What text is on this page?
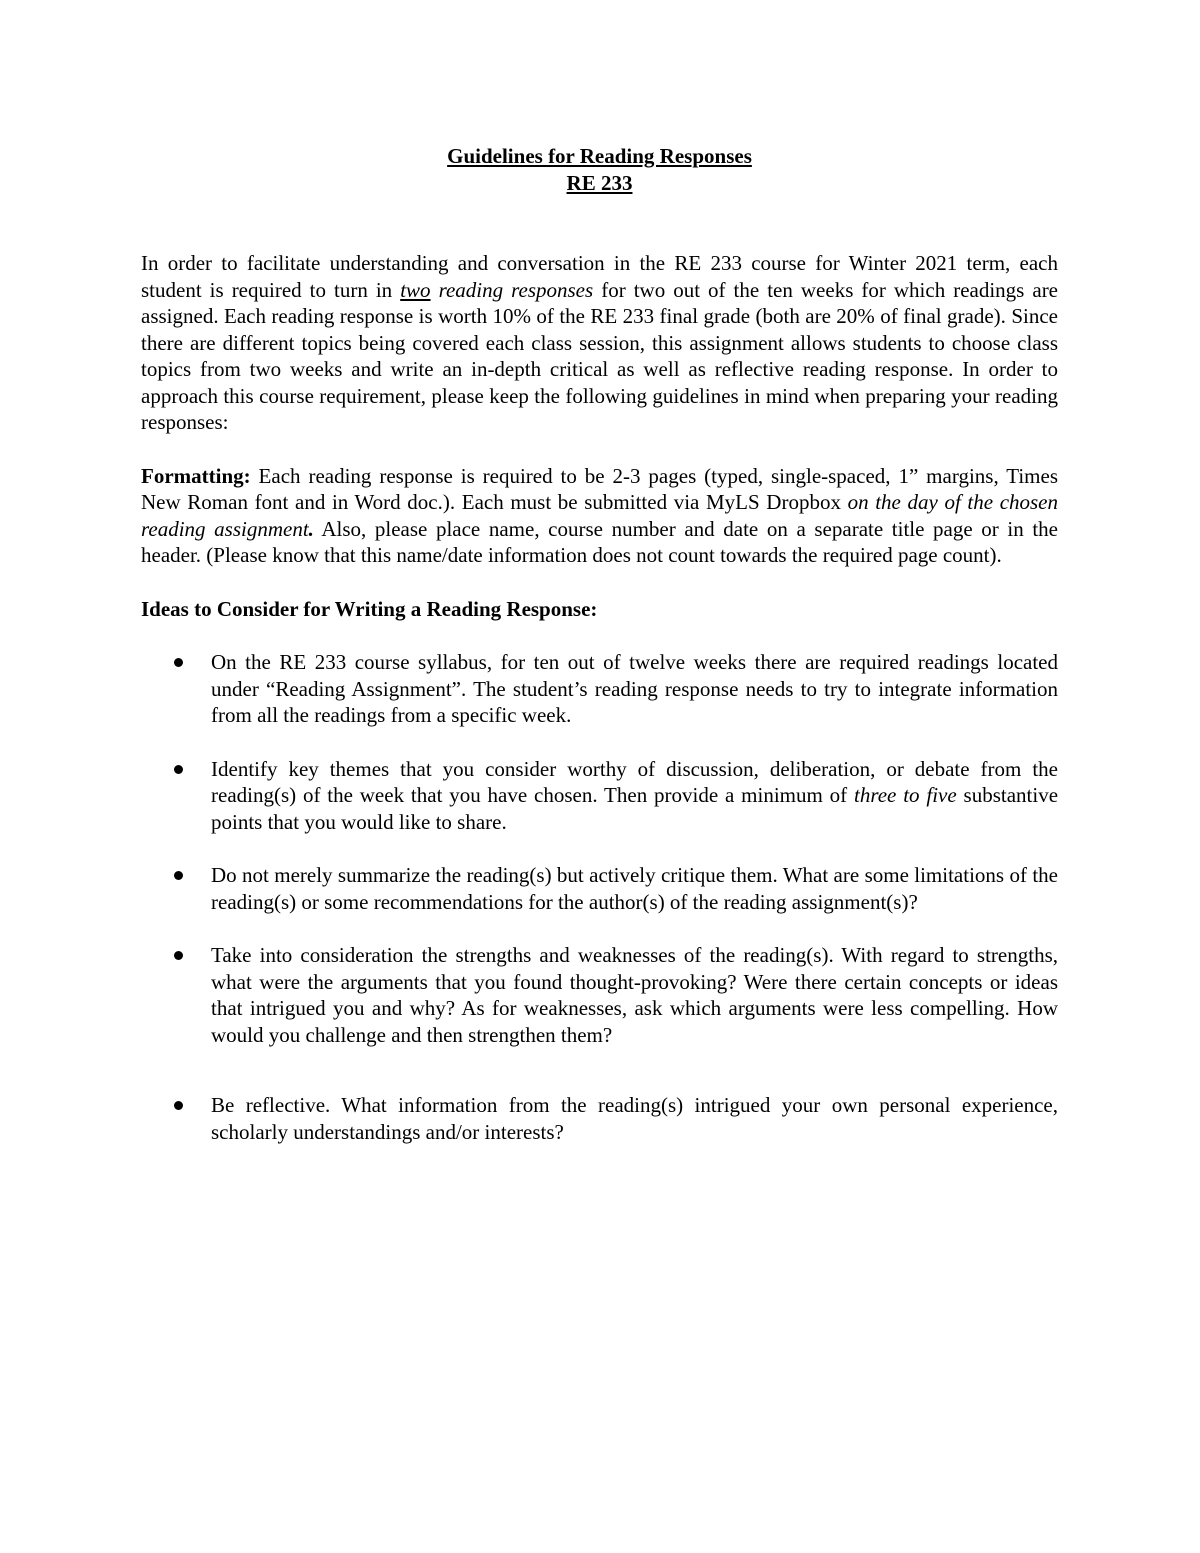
Guidelines for Reading Responses
RE 233

In order to facilitate understanding and conversation in the RE 233 course for Winter 2021 term, each student is required to turn in two reading responses for two out of the ten weeks for which readings are assigned. Each reading response is worth 10% of the RE 233 final grade (both are 20% of final grade). Since there are different topics being covered each class session, this assignment allows students to choose class topics from two weeks and write an in-depth critical as well as reflective reading response. In order to approach this course requirement, please keep the following guidelines in mind when preparing your reading responses:

Formatting: Each reading response is required to be 2-3 pages (typed, single-spaced, 1” margins, Times New Roman font and in Word doc.). Each must be submitted via MyLS Dropbox on the day of the chosen reading assignment. Also, please place name, course number and date on a separate title page or in the header. (Please know that this name/date information does not count towards the required page count).

Ideas to Consider for Writing a Reading Response:

On the RE 233 course syllabus, for ten out of twelve weeks there are required readings located under “Reading Assignment”. The student’s reading response needs to try to integrate information from all the readings from a specific week.
Identify key themes that you consider worthy of discussion, deliberation, or debate from the reading(s) of the week that you have chosen. Then provide a minimum of three to five substantive points that you would like to share.
Do not merely summarize the reading(s) but actively critique them. What are some limitations of the reading(s) or some recommendations for the author(s) of the reading assignment(s)?
Take into consideration the strengths and weaknesses of the reading(s). With regard to strengths, what were the arguments that you found thought-provoking? Were there certain concepts or ideas that intrigued you and why? As for weaknesses, ask which arguments were less compelling. How would you challenge and then strengthen them?
Be reflective. What information from the reading(s) intrigued your own personal experience, scholarly understandings and/or interests?
